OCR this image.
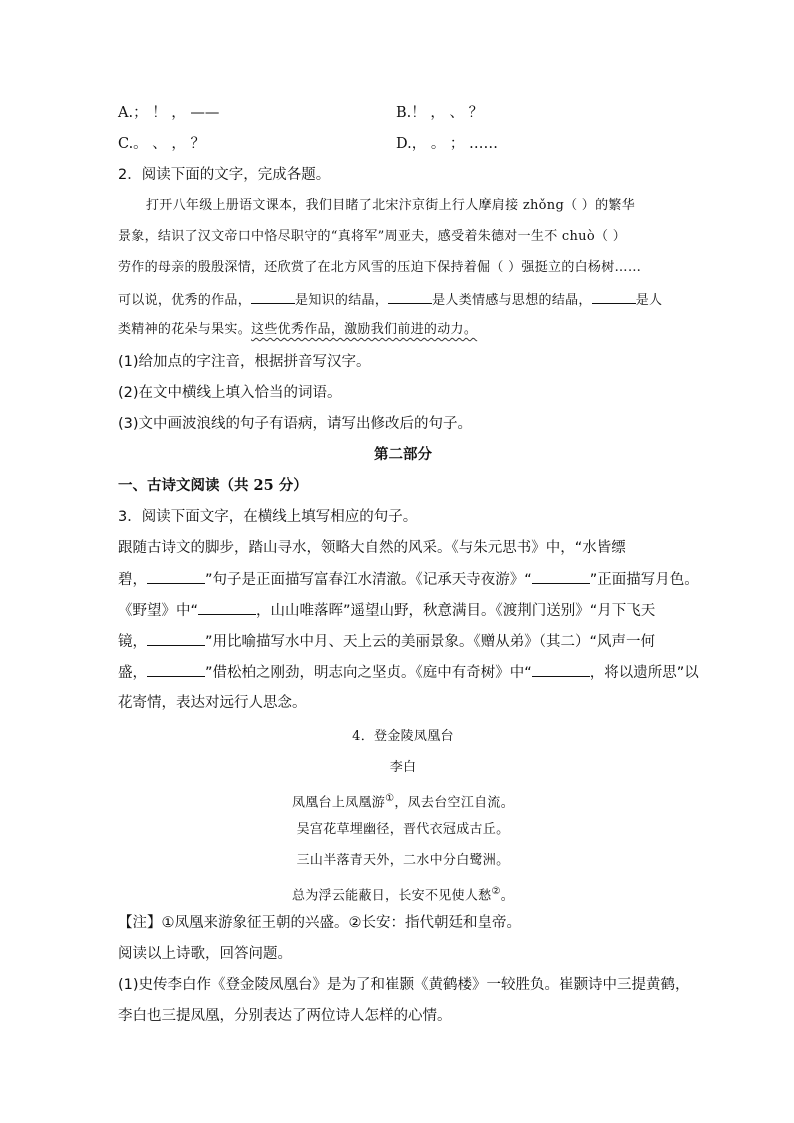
A.； ！ ， ——	B.！ ， 、 ？
C.。 、 ， ？	D.， 。 ； ……
2．阅读下面的文字，完成各题。
打开八年级上册语文课本，我们目睹了北宋汴京街上行人摩肩接 zhǒng（ ）的繁华
景象，结识了汉文帝口中恪尽职守的“真将军”周亚夫，感受着朱德对一生不 chuò（ ）
劳作的母亲的殷殷深情，还欣赏了在北方风雪的压迫下保持着倔（ ）强挺立的白杨树……
可以说，优秀的作品，	是知识的结晶，	是人类情感与思想的结晶，	是人
类精神的花朵与果实。这些优秀作品，激励我们前进的动力。
(1)给加点的字注音，根据拼音写汉字。
(2)在文中横线上填入恰当的词语。
(3)文中画波浪线的句子有语病，请写出修改后的句子。
第二部分
一、古诗文阅读（共 25 分）
3．阅读下面文字，在横线上填写相应的句子。
跟随古诗文的脚步，踏山寻水，领略大自然的风采。《与朱元思书》中，“水皆缥
碧，	”句子是正面描写富春江水清澈。《记承天寺夜游》“	”正面描写月色。
《野望》中“	，山山唯落晖”遥望山野，秋意满目。《渡荆门送别》“月下飞天
镜，	”用比喻描写水中月、天上云的美丽景象。《赠从弟》（其二）“风声一何
盛，	”借松柏之刚劲，明志向之坚贞。《庭中有奇树》中“	，将以遗所思”以
花寄情，表达对远行人思念。
4．登金陵凤凰台
李白
凤凰台上凤凰游①，凤去台空江自流。
吴宫花草埋幽径，晋代衣冠成古丘。
三山半落青天外，二水中分白鹭洲。
总为浮云能蔽日，长安不见使人愁②。
【注】①凤凰来游象征王朝的兴盛。②长安：指代朝廷和皇帝。
阅读以上诗歌，回答问题。
(1)史传李白作《登金陵凤凰台》是为了和崔颢《黄鹤楼》一较胜负。崔颢诗中三提黄鹤，
李白也三提凤凰，分别表达了两位诗人怎样的心情。
